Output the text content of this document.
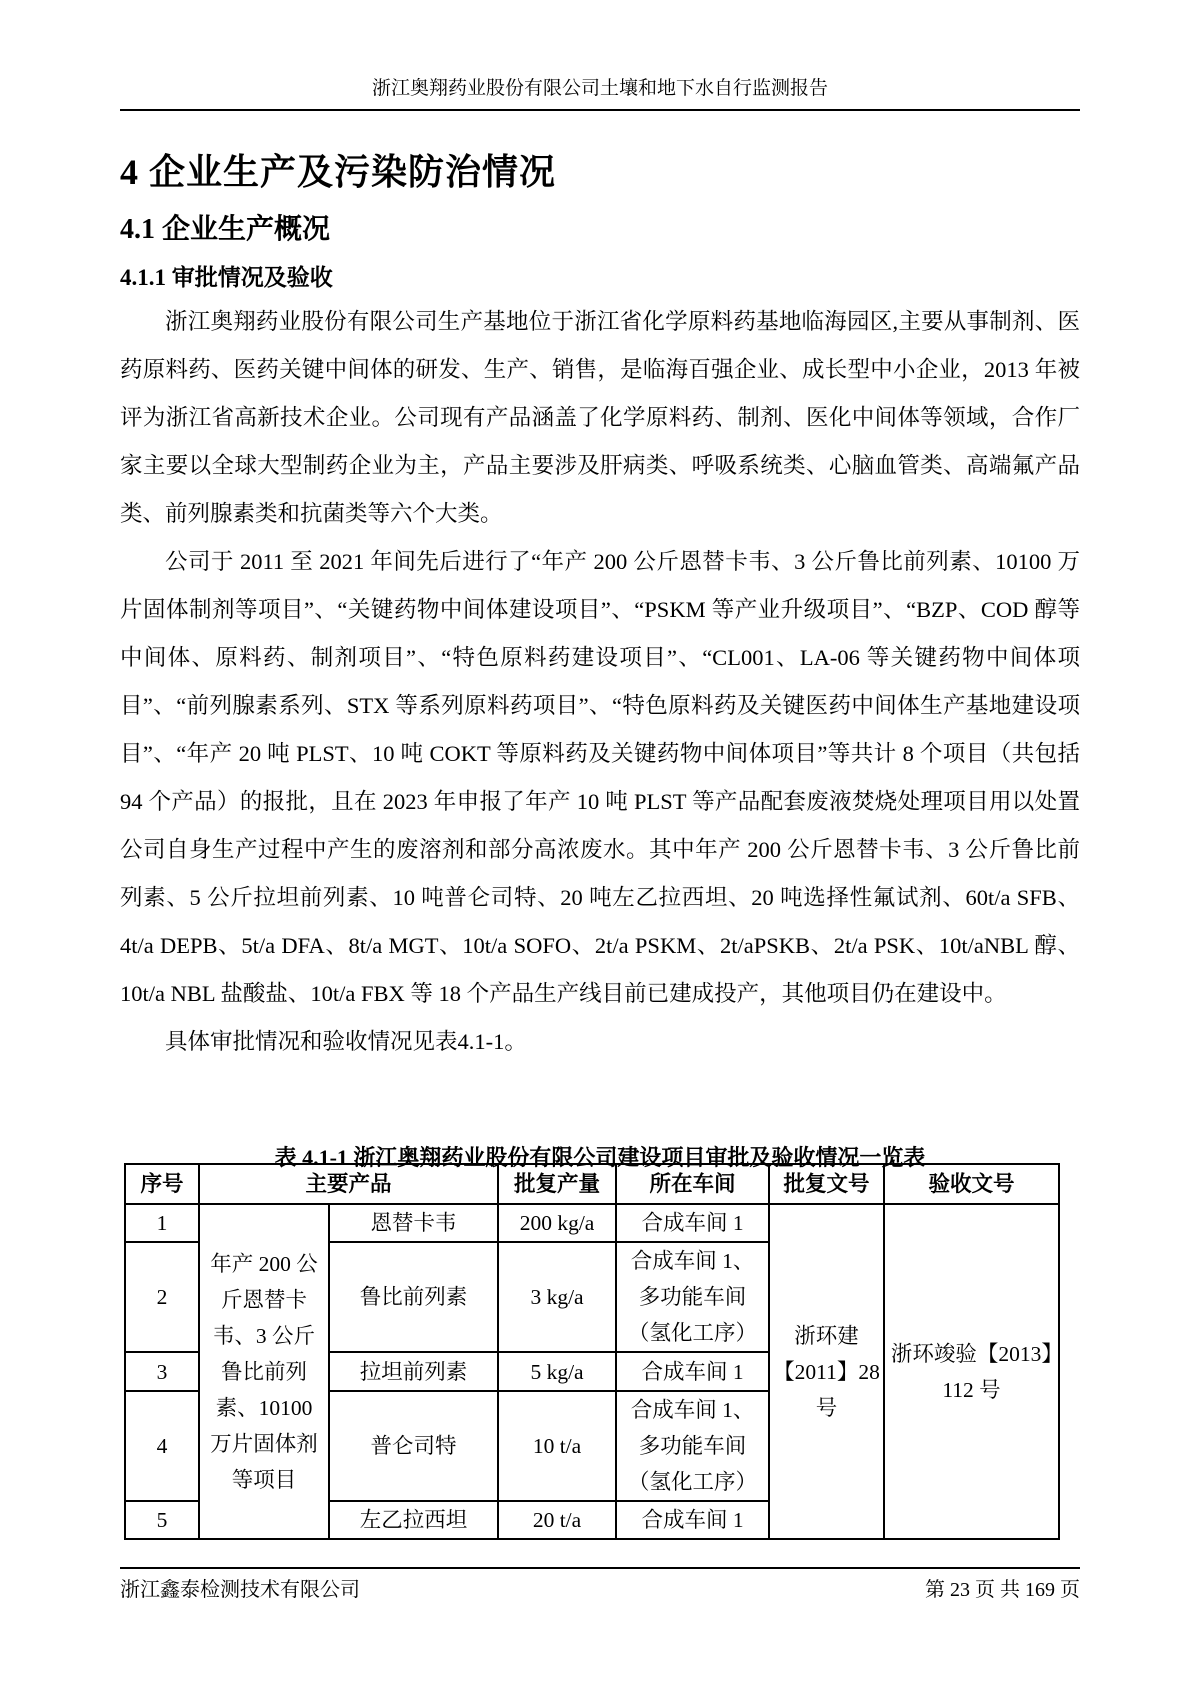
浙江奥翔药业股份有限公司土壤和地下水自行监测报告
4 企业生产及污染防治情况
4.1 企业生产概况
4.1.1 审批情况及验收

浙江奥翔药业股份有限公司生产基地位于浙江省化学原料药基地临海园区,主要从事制剂、医药原料药、医药关键中间体的研发、生产、销售，是临海百强企业、成长型中小企业，2013 年被评为浙江省高新技术企业。公司现有产品涵盖了化学原料药、制剂、医化中间体等领域，合作厂家主要以全球大型制药企业为主，产品主要涉及肝病类、呼吸系统类、心脑血管类、高端氟产品类、前列腺素类和抗菌类等六个大类。

公司于 2011 至 2021 年间先后进行了“年产 200 公斤恩替卡韦、3 公斤鲁比前列素、10100 万片固体制剂等项目”、“关键药物中间体建设项目”、“PSKM 等产业升级项目”、“BZP、COD 醇等中间体、原料药、制剂项目”、“特色原料药建设项目”、“CL001、LA-06 等关键药物中间体项目”、“前列腺素系列、STX 等系列原料药项目”、“特色原料药及关键医药中间体生产基地建设项目”、“年产 20 吨 PLST、10 吨 COKT 等原料药及关键药物中间体项目”等共计 8 个项目（共包括 94 个产品）的报批，且在 2023 年申报了年产 10 吨 PLST 等产品配套废液焚烧处理项目用以处置公司自身生产过程中产生的废溶剂和部分高浓废水。其中年产 200 公斤恩替卡韦、3 公斤鲁比前列素、5 公斤拉坦前列素、10 吨普仑司特、20 吨左乙拉西坦、20 吨选择性氟试剂、60t/a SFB、4t/a DEPB、5t/a DFA、8t/a MGT、10t/a SOFO、2t/a PSKM、2t/aPSKB、2t/a PSK、10t/aNBL 醇、10t/a NBL 盐酸盐、10t/a FBX 等 18 个产品生产线目前已建成投产，其他项目仍在建设中。

具体审批情况和验收情况见表4.1-1。

表 4.1-1 浙江奥翔药业股份有限公司建设项目审批及验收情况一览表
序号	主要产品		批复产量	所在车间	批复文号	验收文号
1	年产 200 公斤恩替卡韦、3 公斤鲁比前列素、10100 万片固体剂等项目	恩替卡韦	200 kg/a	合成车间 1	浙环建【2011】28 号	浙环竣验【2013】112 号
2		鲁比前列素	3 kg/a	合成车间 1、多功能车间（氢化工序）		
3		拉坦前列素	5 kg/a	合成车间 1		
4		普仑司特	10 t/a	合成车间 1、多功能车间（氢化工序）		
5		左乙拉西坦	20 t/a	合成车间 1		
浙江鑫泰检测技术有限公司	第 23 页 共 169 页
